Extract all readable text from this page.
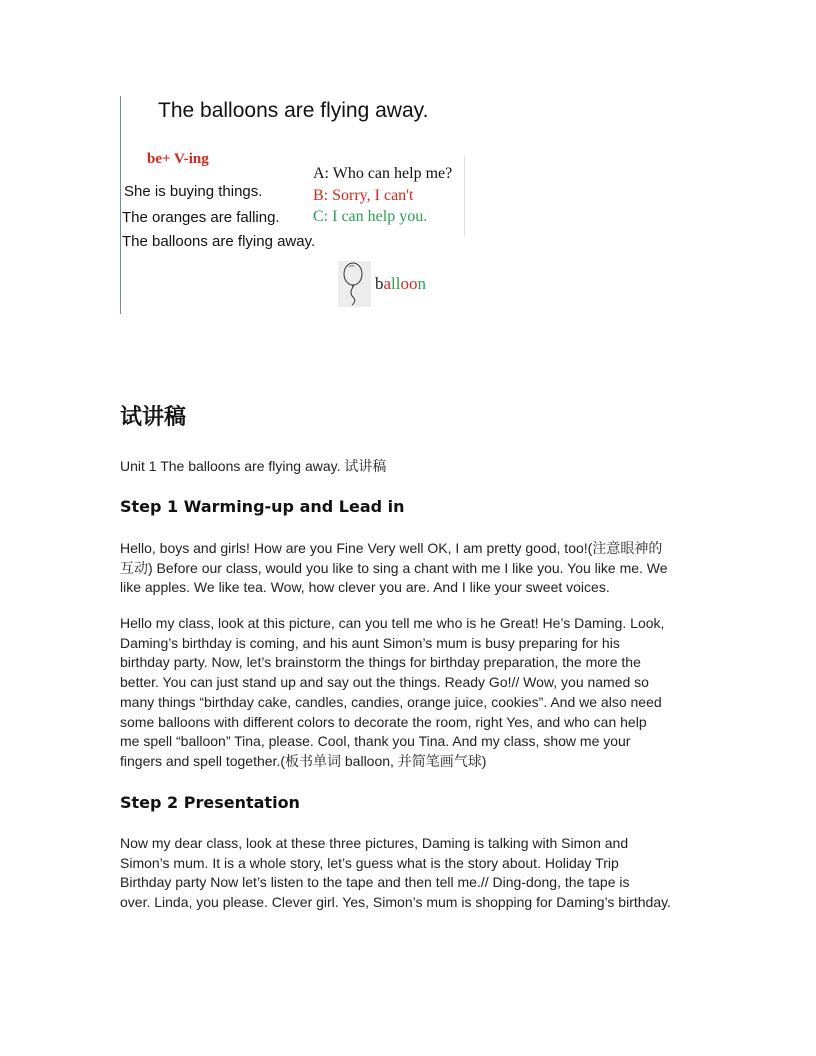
The balloons are flying away.
be+ V-ing
She is buying things.
The oranges are falling.
The balloons are flying away.
A: Who can help me?
B: Sorry, I can't
C: I can help you.
balloon
试讲稿
Unit 1 The balloons are flying away. 试讲稿
Step 1 Warming-up and Lead in
Hello, boys and girls! How are you Fine Very well OK, I am pretty good, too!(注意眼神的
互动) Before our class, would you like to sing a chant with me I like you. You like me. We
like apples. We like tea. Wow, how clever you are. And I like your sweet voices.
Hello my class, look at this picture, can you tell me who is he Great! He’s Daming. Look,
Daming’s birthday is coming, and his aunt Simon’s mum is busy preparing for his
birthday party. Now, let’s brainstorm the things for birthday preparation, the more the
better. You can just stand up and say out the things. Ready Go!// Wow, you named so
many things “birthday cake, candles, candies, orange juice, cookies”. And we also need
some balloons with different colors to decorate the room, right Yes, and who can help
me spell “balloon” Tina, please. Cool, thank you Tina. And my class, show me your
fingers and spell together.(板书单词 balloon, 并简笔画气球)
Step 2 Presentation
Now my dear class, look at these three pictures, Daming is talking with Simon and
Simon’s mum. It is a whole story, let’s guess what is the story about. Holiday Trip
Birthday party Now let’s listen to the tape and then tell me.// Ding-dong, the tape is
over. Linda, you please. Clever girl. Yes, Simon’s mum is shopping for Daming’s birthday.
